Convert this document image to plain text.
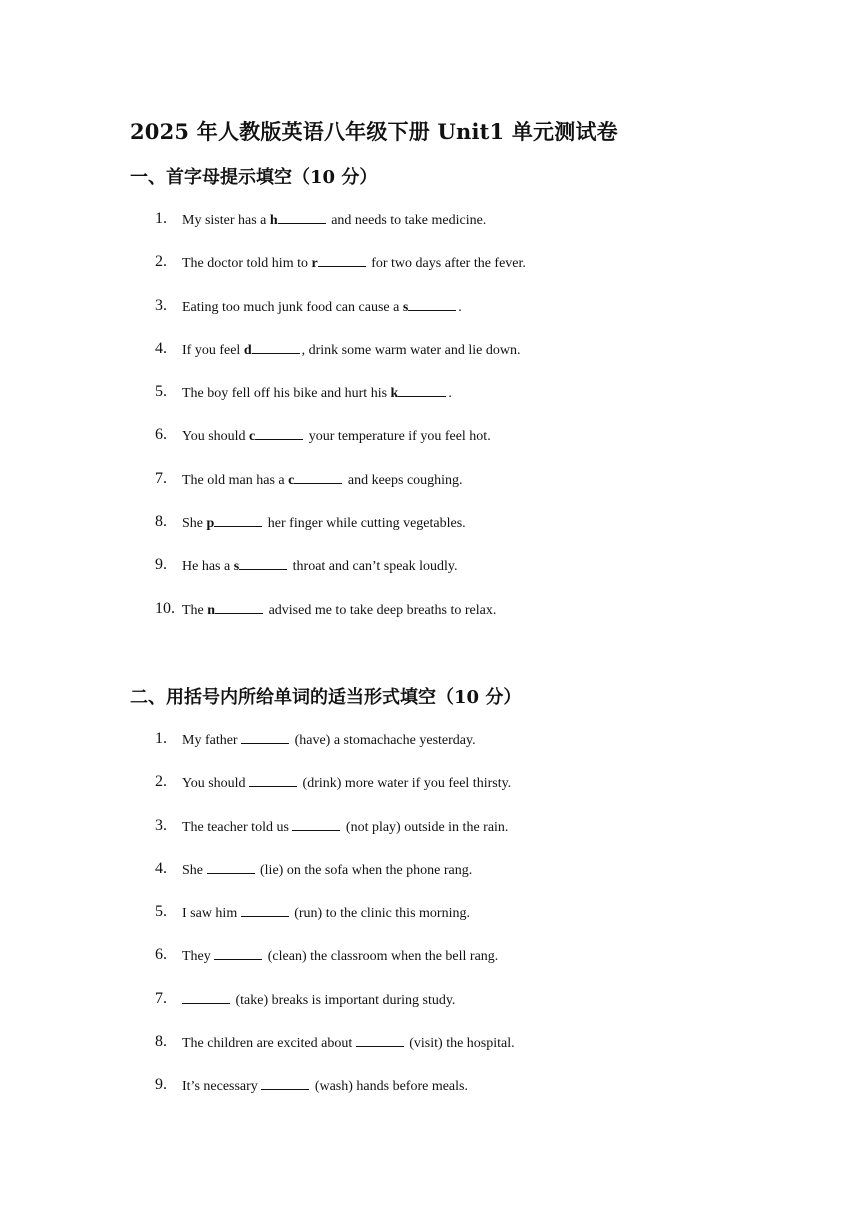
2025 年人教版英语八年级下册 Unit1 单元测试卷
一、首字母提示填空（10 分）
1.	My sister has a h	and needs to take medicine.
2.	The doctor told him to r	for two days after the fever.
3.	Eating too much junk food can cause a s	.
4.	If you feel d	, drink some warm water and lie down.
5.	The boy fell off his bike and hurt his k	.
6.	You should c	your temperature if you feel hot.
7.	The old man has a c	and keeps coughing.
8.	She p	her finger while cutting vegetables.
9.	He has a s	throat and can’t speak loudly.
10. The n	advised me to take deep breaths to relax.
二、用括号内所给单词的适当形式填空（10 分）
1.	My father	(have) a stomachache yesterday.
2.	You should	(drink) more water if you feel thirsty.
3.	The teacher told us	(not play) outside in the rain.
4.	She	(lie) on the sofa when the phone rang.
5.	I saw him	(run) to the clinic this morning.
6.	They	(clean) the classroom when the bell rang.
7.	(take) breaks is important during study.
8.	The children are excited about	(visit) the hospital.
9.	It’s necessary	(wash) hands before meals.
